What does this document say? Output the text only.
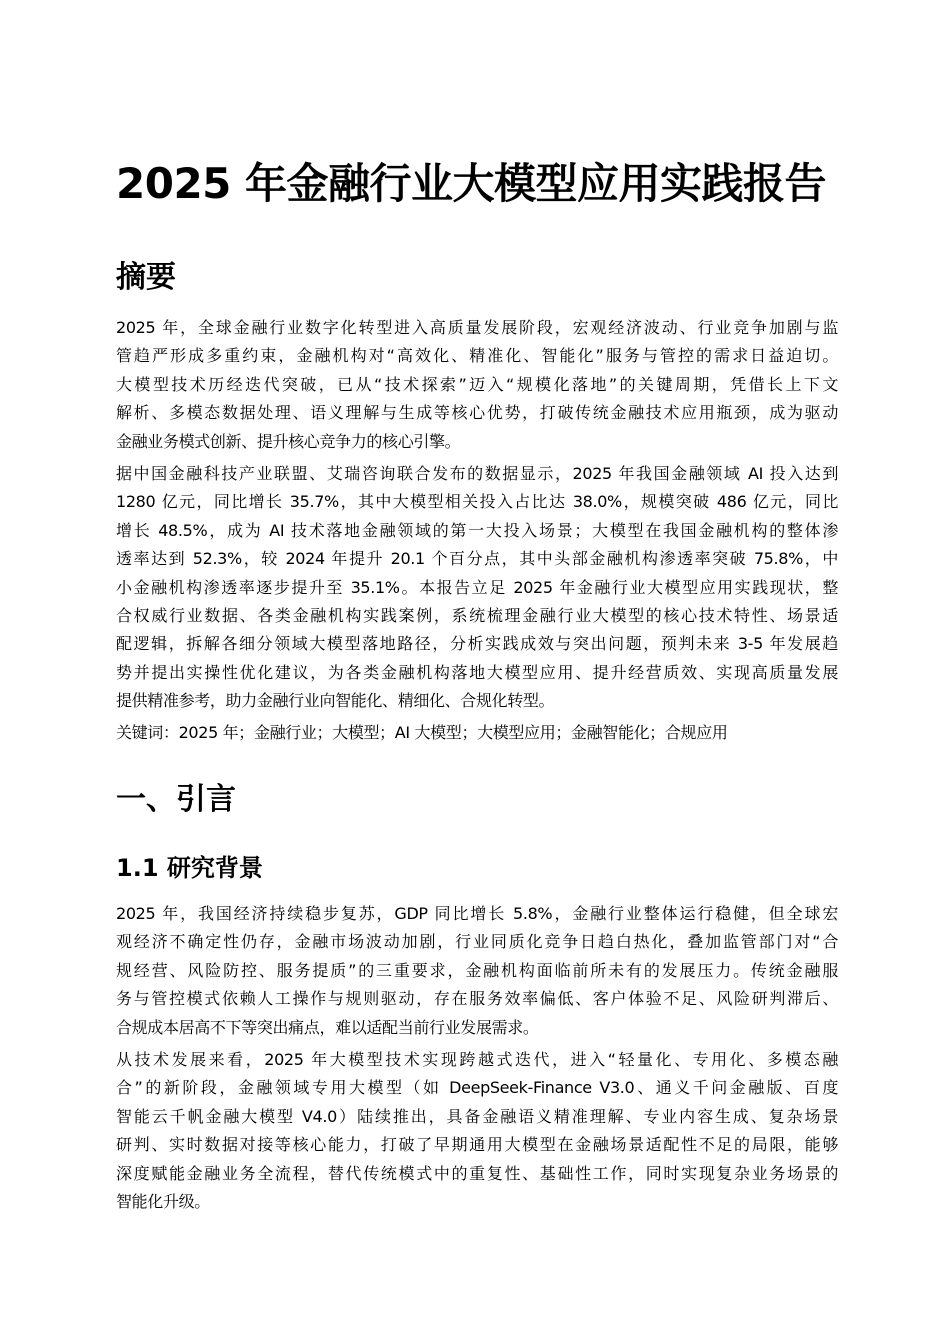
2025 年金融行业大模型应用实践报告
摘要
2025 年，全球金融行业数字化转型进入高质量发展阶段，宏观经济波动、行业竞争加剧与监
管趋严形成多重约束，金融机构对“高效化、精准化、智能化”服务与管控的需求日益迫切。
大模型技术历经迭代突破，已从“技术探索”迈入“规模化落地”的关键周期，凭借长上下文
解析、多模态数据处理、语义理解与生成等核心优势，打破传统金融技术应用瓶颈，成为驱动
金融业务模式创新、提升核心竞争力的核心引擎。
据中国金融科技产业联盟、艾瑞咨询联合发布的数据显示，2025 年我国金融领域 AI 投入达到
1280 亿元，同比增长 35.7%，其中大模型相关投入占比达 38.0%，规模突破 486 亿元，同比
增长 48.5%，成为 AI 技术落地金融领域的第一大投入场景；大模型在我国金融机构的整体渗
透率达到 52.3%，较 2024 年提升 20.1 个百分点，其中头部金融机构渗透率突破 75.8%，中
小金融机构渗透率逐步提升至 35.1%。本报告立足 2025 年金融行业大模型应用实践现状，整
合权威行业数据、各类金融机构实践案例，系统梳理金融行业大模型的核心技术特性、场景适
配逻辑，拆解各细分领域大模型落地路径，分析实践成效与突出问题，预判未来 3-5 年发展趋
势并提出实操性优化建议，为各类金融机构落地大模型应用、提升经营质效、实现高质量发展
提供精准参考，助力金融行业向智能化、精细化、合规化转型。
关键词：2025 年；金融行业；大模型；AI 大模型；大模型应用；金融智能化；合规应用
一、引言
1.1 研究背景
2025 年，我国经济持续稳步复苏，GDP 同比增长 5.8%，金融行业整体运行稳健，但全球宏
观经济不确定性仍存，金融市场波动加剧，行业同质化竞争日趋白热化，叠加监管部门对“合
规经营、风险防控、服务提质”的三重要求，金融机构面临前所未有的发展压力。传统金融服
务与管控模式依赖人工操作与规则驱动，存在服务效率偏低、客户体验不足、风险研判滞后、
合规成本居高不下等突出痛点，难以适配当前行业发展需求。
从技术发展来看，2025 年大模型技术实现跨越式迭代，进入“轻量化、专用化、多模态融
合”的新阶段，金融领域专用大模型（如 DeepSeek-Finance V3.0、通义千问金融版、百度
智能云千帆金融大模型 V4.0）陆续推出，具备金融语义精准理解、专业内容生成、复杂场景
研判、实时数据对接等核心能力，打破了早期通用大模型在金融场景适配性不足的局限，能够
深度赋能金融业务全流程，替代传统模式中的重复性、基础性工作，同时实现复杂业务场景的
智能化升级。
